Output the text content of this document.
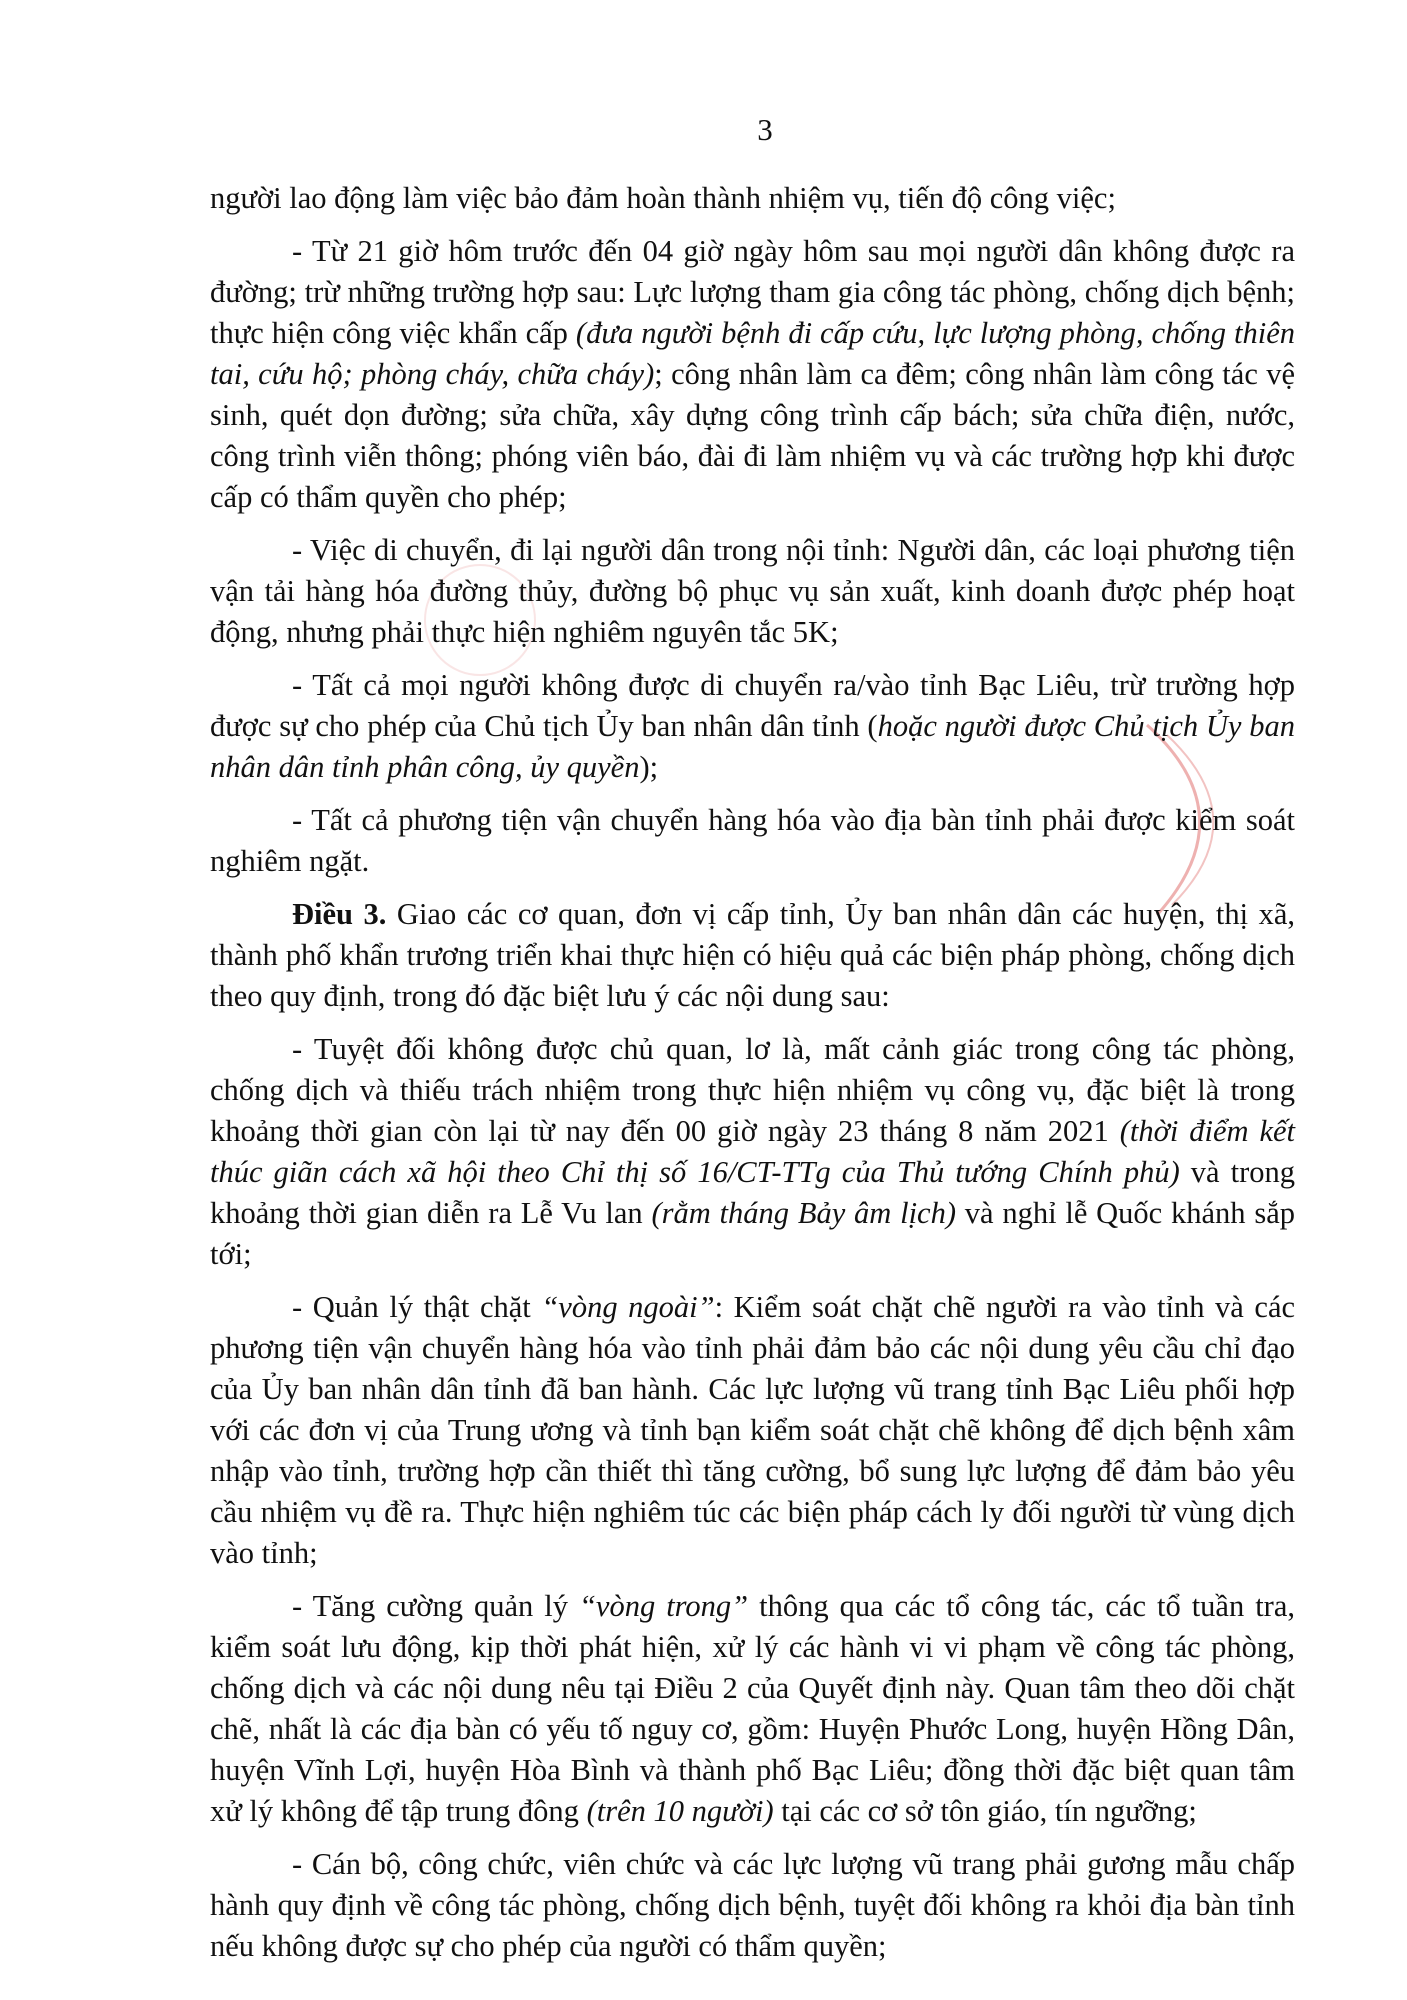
3

người lao động làm việc bảo đảm hoàn thành nhiệm vụ, tiến độ công việc;

- Từ 21 giờ hôm trước đến 04 giờ ngày hôm sau mọi người dân không được ra đường; trừ những trường hợp sau: Lực lượng tham gia công tác phòng, chống dịch bệnh; thực hiện công việc khẩn cấp (đưa người bệnh đi cấp cứu, lực lượng phòng, chống thiên tai, cứu hộ; phòng cháy, chữa cháy); công nhân làm ca đêm; công nhân làm công tác vệ sinh, quét dọn đường; sửa chữa, xây dựng công trình cấp bách; sửa chữa điện, nước, công trình viễn thông; phóng viên báo, đài đi làm nhiệm vụ và các trường hợp khi được cấp có thẩm quyền cho phép;

- Việc di chuyển, đi lại người dân trong nội tỉnh: Người dân, các loại phương tiện vận tải hàng hóa đường thủy, đường bộ phục vụ sản xuất, kinh doanh được phép hoạt động, nhưng phải thực hiện nghiêm nguyên tắc 5K;

- Tất cả mọi người không được di chuyển ra/vào tỉnh Bạc Liêu, trừ trường hợp được sự cho phép của Chủ tịch Ủy ban nhân dân tỉnh (hoặc người được Chủ tịch Ủy ban nhân dân tỉnh phân công, ủy quyền);

- Tất cả phương tiện vận chuyển hàng hóa vào địa bàn tỉnh phải được kiểm soát nghiêm ngặt.

Điều 3. Giao các cơ quan, đơn vị cấp tỉnh, Ủy ban nhân dân các huyện, thị xã, thành phố khẩn trương triển khai thực hiện có hiệu quả các biện pháp phòng, chống dịch theo quy định, trong đó đặc biệt lưu ý các nội dung sau:

- Tuyệt đối không được chủ quan, lơ là, mất cảnh giác trong công tác phòng, chống dịch và thiếu trách nhiệm trong thực hiện nhiệm vụ công vụ, đặc biệt là trong khoảng thời gian còn lại từ nay đến 00 giờ ngày 23 tháng 8 năm 2021 (thời điểm kết thúc giãn cách xã hội theo Chỉ thị số 16/CT-TTg của Thủ tướng Chính phủ) và trong khoảng thời gian diễn ra Lễ Vu lan (rằm tháng Bảy âm lịch) và nghỉ lễ Quốc khánh sắp tới;

- Quản lý thật chặt “vòng ngoài”: Kiểm soát chặt chẽ người ra vào tỉnh và các phương tiện vận chuyển hàng hóa vào tỉnh phải đảm bảo các nội dung yêu cầu chỉ đạo của Ủy ban nhân dân tỉnh đã ban hành. Các lực lượng vũ trang tỉnh Bạc Liêu phối hợp với các đơn vị của Trung ương và tỉnh bạn kiểm soát chặt chẽ không để dịch bệnh xâm nhập vào tỉnh, trường hợp cần thiết thì tăng cường, bổ sung lực lượng để đảm bảo yêu cầu nhiệm vụ đề ra. Thực hiện nghiêm túc các biện pháp cách ly đối người từ vùng dịch vào tỉnh;

- Tăng cường quản lý “vòng trong” thông qua các tổ công tác, các tổ tuần tra, kiểm soát lưu động, kịp thời phát hiện, xử lý các hành vi vi phạm về công tác phòng, chống dịch và các nội dung nêu tại Điều 2 của Quyết định này. Quan tâm theo dõi chặt chẽ, nhất là các địa bàn có yếu tố nguy cơ, gồm: Huyện Phước Long, huyện Hồng Dân, huyện Vĩnh Lợi, huyện Hòa Bình và thành phố Bạc Liêu; đồng thời đặc biệt quan tâm xử lý không để tập trung đông (trên 10 người) tại các cơ sở tôn giáo, tín ngưỡng;

- Cán bộ, công chức, viên chức và các lực lượng vũ trang phải gương mẫu chấp hành quy định về công tác phòng, chống dịch bệnh, tuyệt đối không ra khỏi địa bàn tỉnh nếu không được sự cho phép của người có thẩm quyền;
